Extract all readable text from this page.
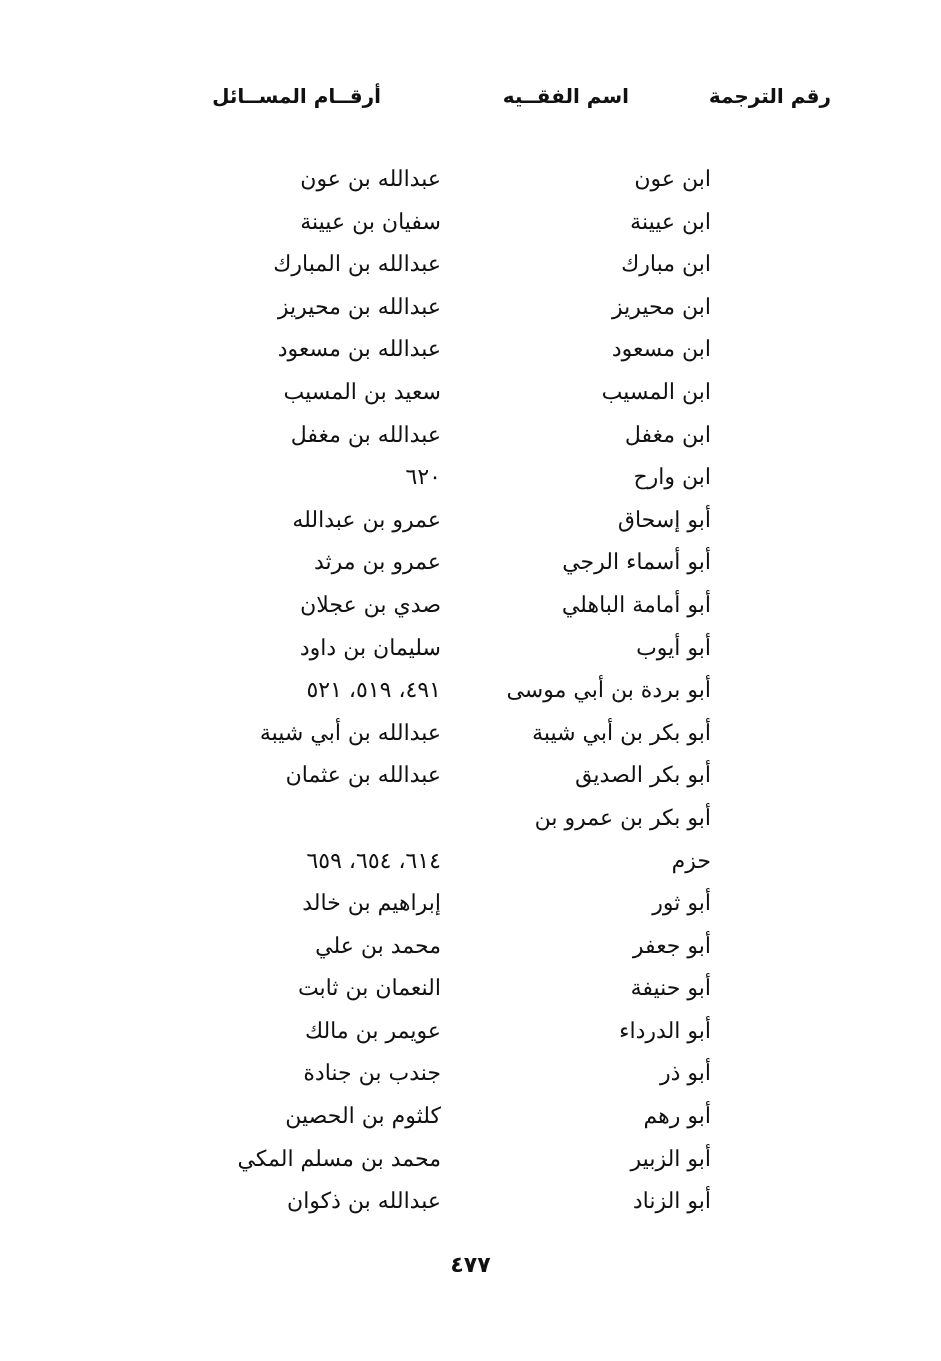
رقم الترجمة
اسم الفقــيه
أرقــام المســائل
ابن عون
عبدالله بن عون
ابن عيينة
سفيان بن عيينة
ابن مبارك
عبدالله بن المبارك
ابن محيريز
عبدالله بن محيريز
ابن مسعود
عبدالله بن مسعود
ابن المسيب
سعيد بن المسيب
ابن مغفل
عبدالله بن مغفل
ابن وارح
٦٢٠
أبو إسحاق
عمرو بن عبدالله
أبو أسماء الرجي
عمرو بن مرثد
أبو أمامة الباهلي
صدي بن عجلان
أبو أيوب
سليمان بن داود
أبو بردة بن أبي موسى
٤٩١، ٥١٩، ٥٢١
أبو بكر بن أبي شيبة
عبدالله بن أبي شيبة
أبو بكر الصديق
عبدالله بن عثمان
أبو بكر بن عمرو بن
حزم
٦١٤، ٦٥٤، ٦٥٩
أبو ثور
إبراهيم بن خالد
أبو جعفر
محمد بن علي
أبو حنيفة
النعمان بن ثابت
أبو الدرداء
عويمر بن مالك
أبو ذر
جندب بن جنادة
أبو رهم
كلثوم بن الحصين
أبو الزبير
محمد بن مسلم المكي
أبو الزناد
عبدالله بن ذكوان
٤٧٧
